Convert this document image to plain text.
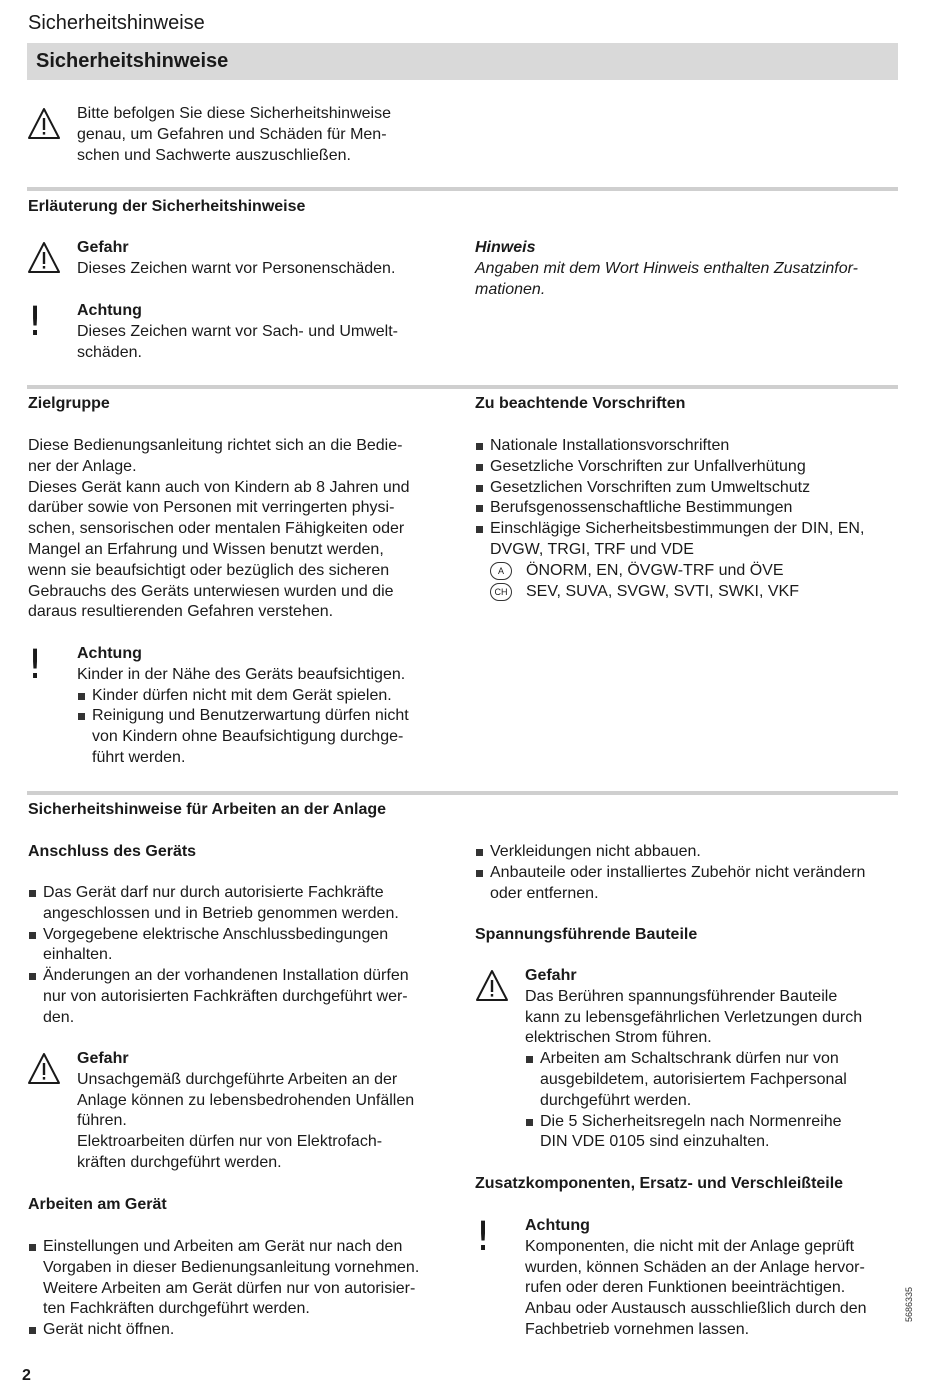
Sicherheitshinweise
Sicherheitshinweise
Bitte befolgen Sie diese Sicherheitshinweise
genau, um Gefahren und Schäden für Men-
schen und Sachwerte auszuschließen.
Erläuterung der Sicherheitshinweise
Gefahr
Dieses Zeichen warnt vor Personenschäden.
! Achtung
Dieses Zeichen warnt vor Sach- und Umwelt-
schäden.
Hinweis
Angaben mit dem Wort Hinweis enthalten Zusatzinfor-
mationen.
Zielgruppe
Diese Bedienungsanleitung richtet sich an die Bedie-
ner der Anlage.
Dieses Gerät kann auch von Kindern ab 8 Jahren und
darüber sowie von Personen mit verringerten physi-
schen, sensorischen oder mentalen Fähigkeiten oder
Mangel an Erfahrung und Wissen benutzt werden,
wenn sie beaufsichtigt oder bezüglich des sicheren
Gebrauchs des Geräts unterwiesen wurden und die
daraus resultierenden Gefahren verstehen.
! Achtung
Kinder in der Nähe des Geräts beaufsichtigen.
Kinder dürfen nicht mit dem Gerät spielen.
Reinigung und Benutzerwartung dürfen nicht
von Kindern ohne Beaufsichtigung durchge-
führt werden.
Zu beachtende Vorschriften
Nationale Installationsvorschriften
Gesetzliche Vorschriften zur Unfallverhütung
Gesetzlichen Vorschriften zum Umweltschutz
Berufsgenossenschaftliche Bestimmungen
Einschlägige Sicherheitsbestimmungen der DIN, EN,
DVGW, TRGI, TRF und VDE
A	ÖNORM, EN, ÖVGW-TRF und ÖVE
CH SEV, SUVA, SVGW, SVTI, SWKI, VKF
Sicherheitshinweise für Arbeiten an der Anlage
Anschluss des Geräts
Das Gerät darf nur durch autorisierte Fachkräfte
angeschlossen und in Betrieb genommen werden.
Vorgegebene elektrische Anschlussbedingungen
einhalten.
Änderungen an der vorhandenen Installation dürfen
nur von autorisierten Fachkräften durchgeführt wer-
den.
Gefahr
Unsachgemäß durchgeführte Arbeiten an der
Anlage können zu lebensbedrohenden Unfällen
führen.
Elektroarbeiten dürfen nur von Elektrofach-
kräften durchgeführt werden.
Arbeiten am Gerät
Einstellungen und Arbeiten am Gerät nur nach den
Vorgaben in dieser Bedienungsanleitung vornehmen.
Weitere Arbeiten am Gerät dürfen nur von autorisier-
ten Fachkräften durchgeführt werden.
Gerät nicht öffnen.
Verkleidungen nicht abbauen.
Anbauteile oder installiertes Zubehör nicht verändern
oder entfernen.
Spannungsführende Bauteile
Gefahr
Das Berühren spannungsführender Bauteile
kann zu lebensgefährlichen Verletzungen durch
elektrischen Strom führen.
Arbeiten am Schaltschrank dürfen nur von
ausgebildetem, autorisiertem Fachpersonal
durchgeführt werden.
Die 5 Sicherheitsregeln nach Normenreihe
DIN VDE 0105 sind einzuhalten.
Zusatzkomponenten, Ersatz- und Verschleißteile
! Achtung
Komponenten, die nicht mit der Anlage geprüft
wurden, können Schäden an der Anlage hervor-
rufen oder deren Funktionen beeinträchtigen.
Anbau oder Austausch ausschließlich durch den
Fachbetrieb vornehmen lassen.
2
5686335
